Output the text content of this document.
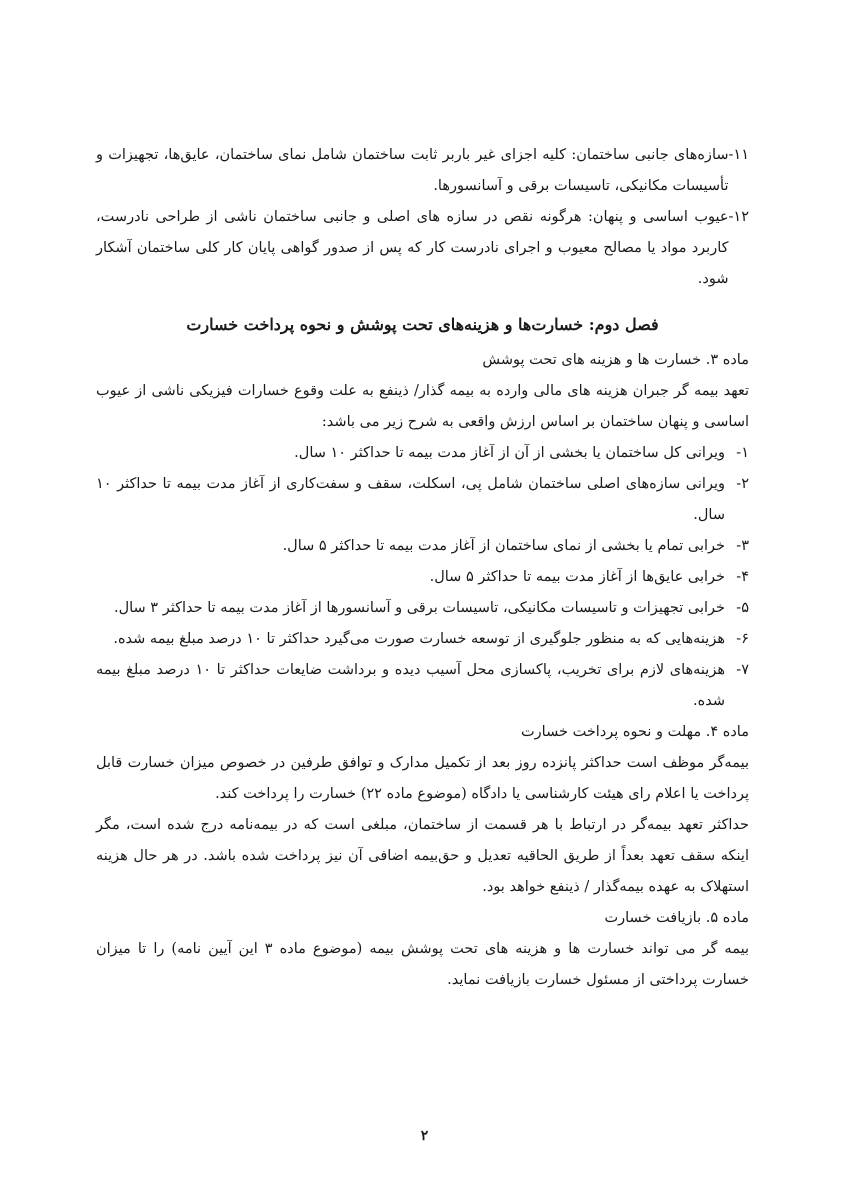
۱۱-
سازه‌های جانبی ساختمان: کلیه اجزای غیر باربر ثابت ساختمان شامل نمای ساختمان، عایق‌ها، تجهیزات و تأسیسات مکانیکی، تاسیسات برقی و آسانسورها.
۱۲-
عیوب اساسی و پنهان: هرگونه نقص در سازه های اصلی و جانبی ساختمان ناشی از طراحی نادرست، کاربرد مواد یا مصالح معیوب و اجرای نادرست کار که پس از صدور گواهی پایان کار کلی ساختمان آشکار شود.
فصل دوم: خسارت‌ها و هزینه‌های تحت پوشش و نحوه پرداخت خسارت

ماده ۳. خسارت ها و هزینه های تحت پوشش

تعهد بیمه گر جبران هزینه های مالی وارده به بیمه گذار/ ذینفع به علت وقوع خسارات فیزیکی ناشی از عیوب اساسی و پنهان ساختمان بر اساس ارزش واقعی به شرح زیر می باشد:

۱-
ویرانی کل ساختمان یا بخشی از آن از آغاز مدت بیمه تا حداکثر ۱۰ سال.
۲-
ویرانی سازه‌های اصلی ساختمان شامل پی، اسکلت، سقف و سفت‌کاری از آغاز مدت بیمه تا حداکثر ۱۰ سال.
۳-
خرابی تمام یا بخشی از نمای ساختمان از آغاز مدت بیمه تا حداکثر ۵ سال.
۴-
خرابی عایق‌ها از آغاز مدت بیمه تا حداکثر ۵ سال.
۵-
خرابی تجهیزات و تاسیسات مکانیکی، تاسیسات برقی و آسانسورها از آغاز مدت بیمه تا حداکثر ۳ سال.
۶-
هزینه‌هایی که به منظور جلوگیری از توسعه خسارت صورت می‌گیرد حداکثر تا ۱۰ درصد مبلغ بیمه شده.
۷-
هزینه‌های لازم برای تخریب، پاکسازی محل آسیب دیده و برداشت ضایعات حداکثر تا ۱۰ درصد مبلغ بیمه شده.

ماده ۴. مهلت و نحوه پرداخت خسارت

بیمه‌گر موظف است حداکثر پانزده روز بعد از تکمیل مدارک و توافق طرفین در خصوص میزان خسارت قابل پرداخت یا اعلام رای هیئت کارشناسی یا دادگاه (موضوع ماده ۲۲) خسارت را پرداخت کند.

حداکثر تعهد بیمه‌گر در ارتباط با هر قسمت از ساختمان، مبلغی است که در بیمه‌نامه درج شده است، مگر اینکه سقف تعهد بعداً از طریق الحاقیه تعدیل و حق‌بیمه اضافی آن نیز پرداخت شده باشد. در هر حال هزینه استهلاک به عهده بیمه‌گذار / ذینفع خواهد بود.

ماده ۵. بازیافت خسارت

بیمه گر می تواند خسارت ها و هزینه های تحت پوشش بیمه (موضوع ماده ۳ این آیین نامه) را تا میزان خسارت پرداختی از مسئول خسارت بازیافت نماید.

۲
